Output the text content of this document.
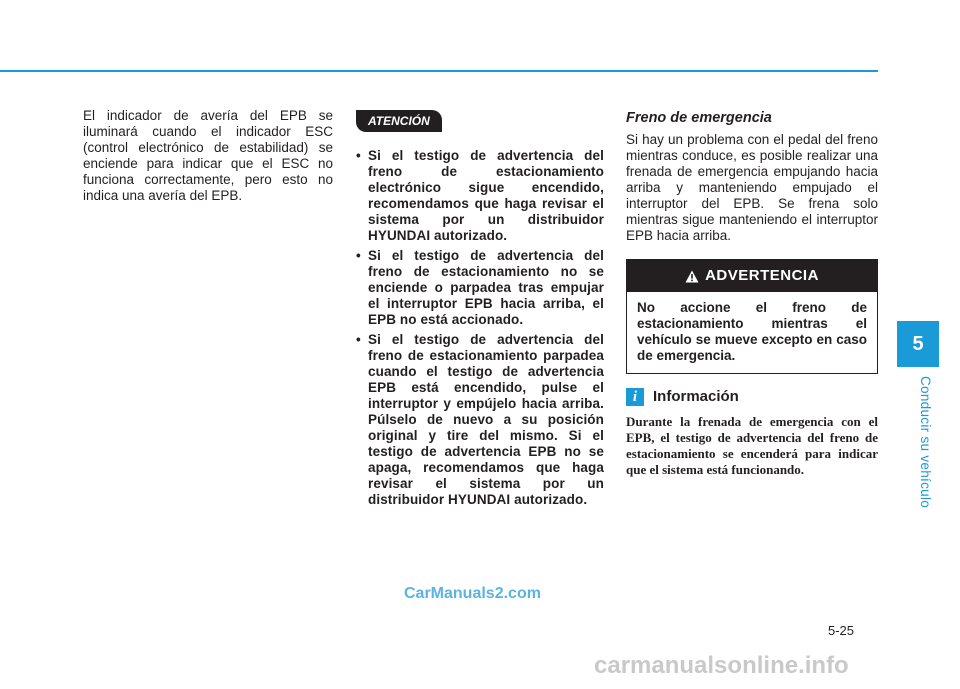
5
Conducir su vehículo
5-25

El indicador de avería del EPB se iluminará cuando el indicador ESC (control electrónico de estabilidad) se enciende para indicar que el ESC no funciona correctamente, pero esto no indica una avería del EPB.

ATENCIÓN
• Si el testigo de advertencia del freno de estacionamiento electrónico sigue encendido, recomendamos que haga revisar el sistema por un distribuidor HYUNDAI autorizado.
• Si el testigo de advertencia del freno de estacionamiento no se enciende o parpadea tras empujar el interruptor EPB hacia arriba, el EPB no está accionado.
• Si el testigo de advertencia del freno de estacionamiento parpadea cuando el testigo de advertencia EPB está encendido, pulse el interruptor y empújelo hacia arriba. Púlselo de nuevo a su posición original y tire del mismo. Si el testigo de advertencia EPB no se apaga, recomendamos que haga revisar el sistema por un distribuidor HYUNDAI autorizado.
Freno de emergencia

Si hay un problema con el pedal del freno mientras conduce, es posible realizar una frenada de emergencia empujando hacia arriba y manteniendo empujado el interruptor del EPB. Se frena solo mientras sigue manteniendo el interruptor EPB hacia arriba.

ADVERTENCIA
No accione el freno de estacionamiento mientras el vehículo se mueve excepto en caso de emergencia.
i	Información

Durante la frenada de emergencia con el EPB, el testigo de advertencia del freno de estacionamiento se encenderá para indicar que el sistema está funcionando.

CarManuals2.com
carmanualsonline.info
